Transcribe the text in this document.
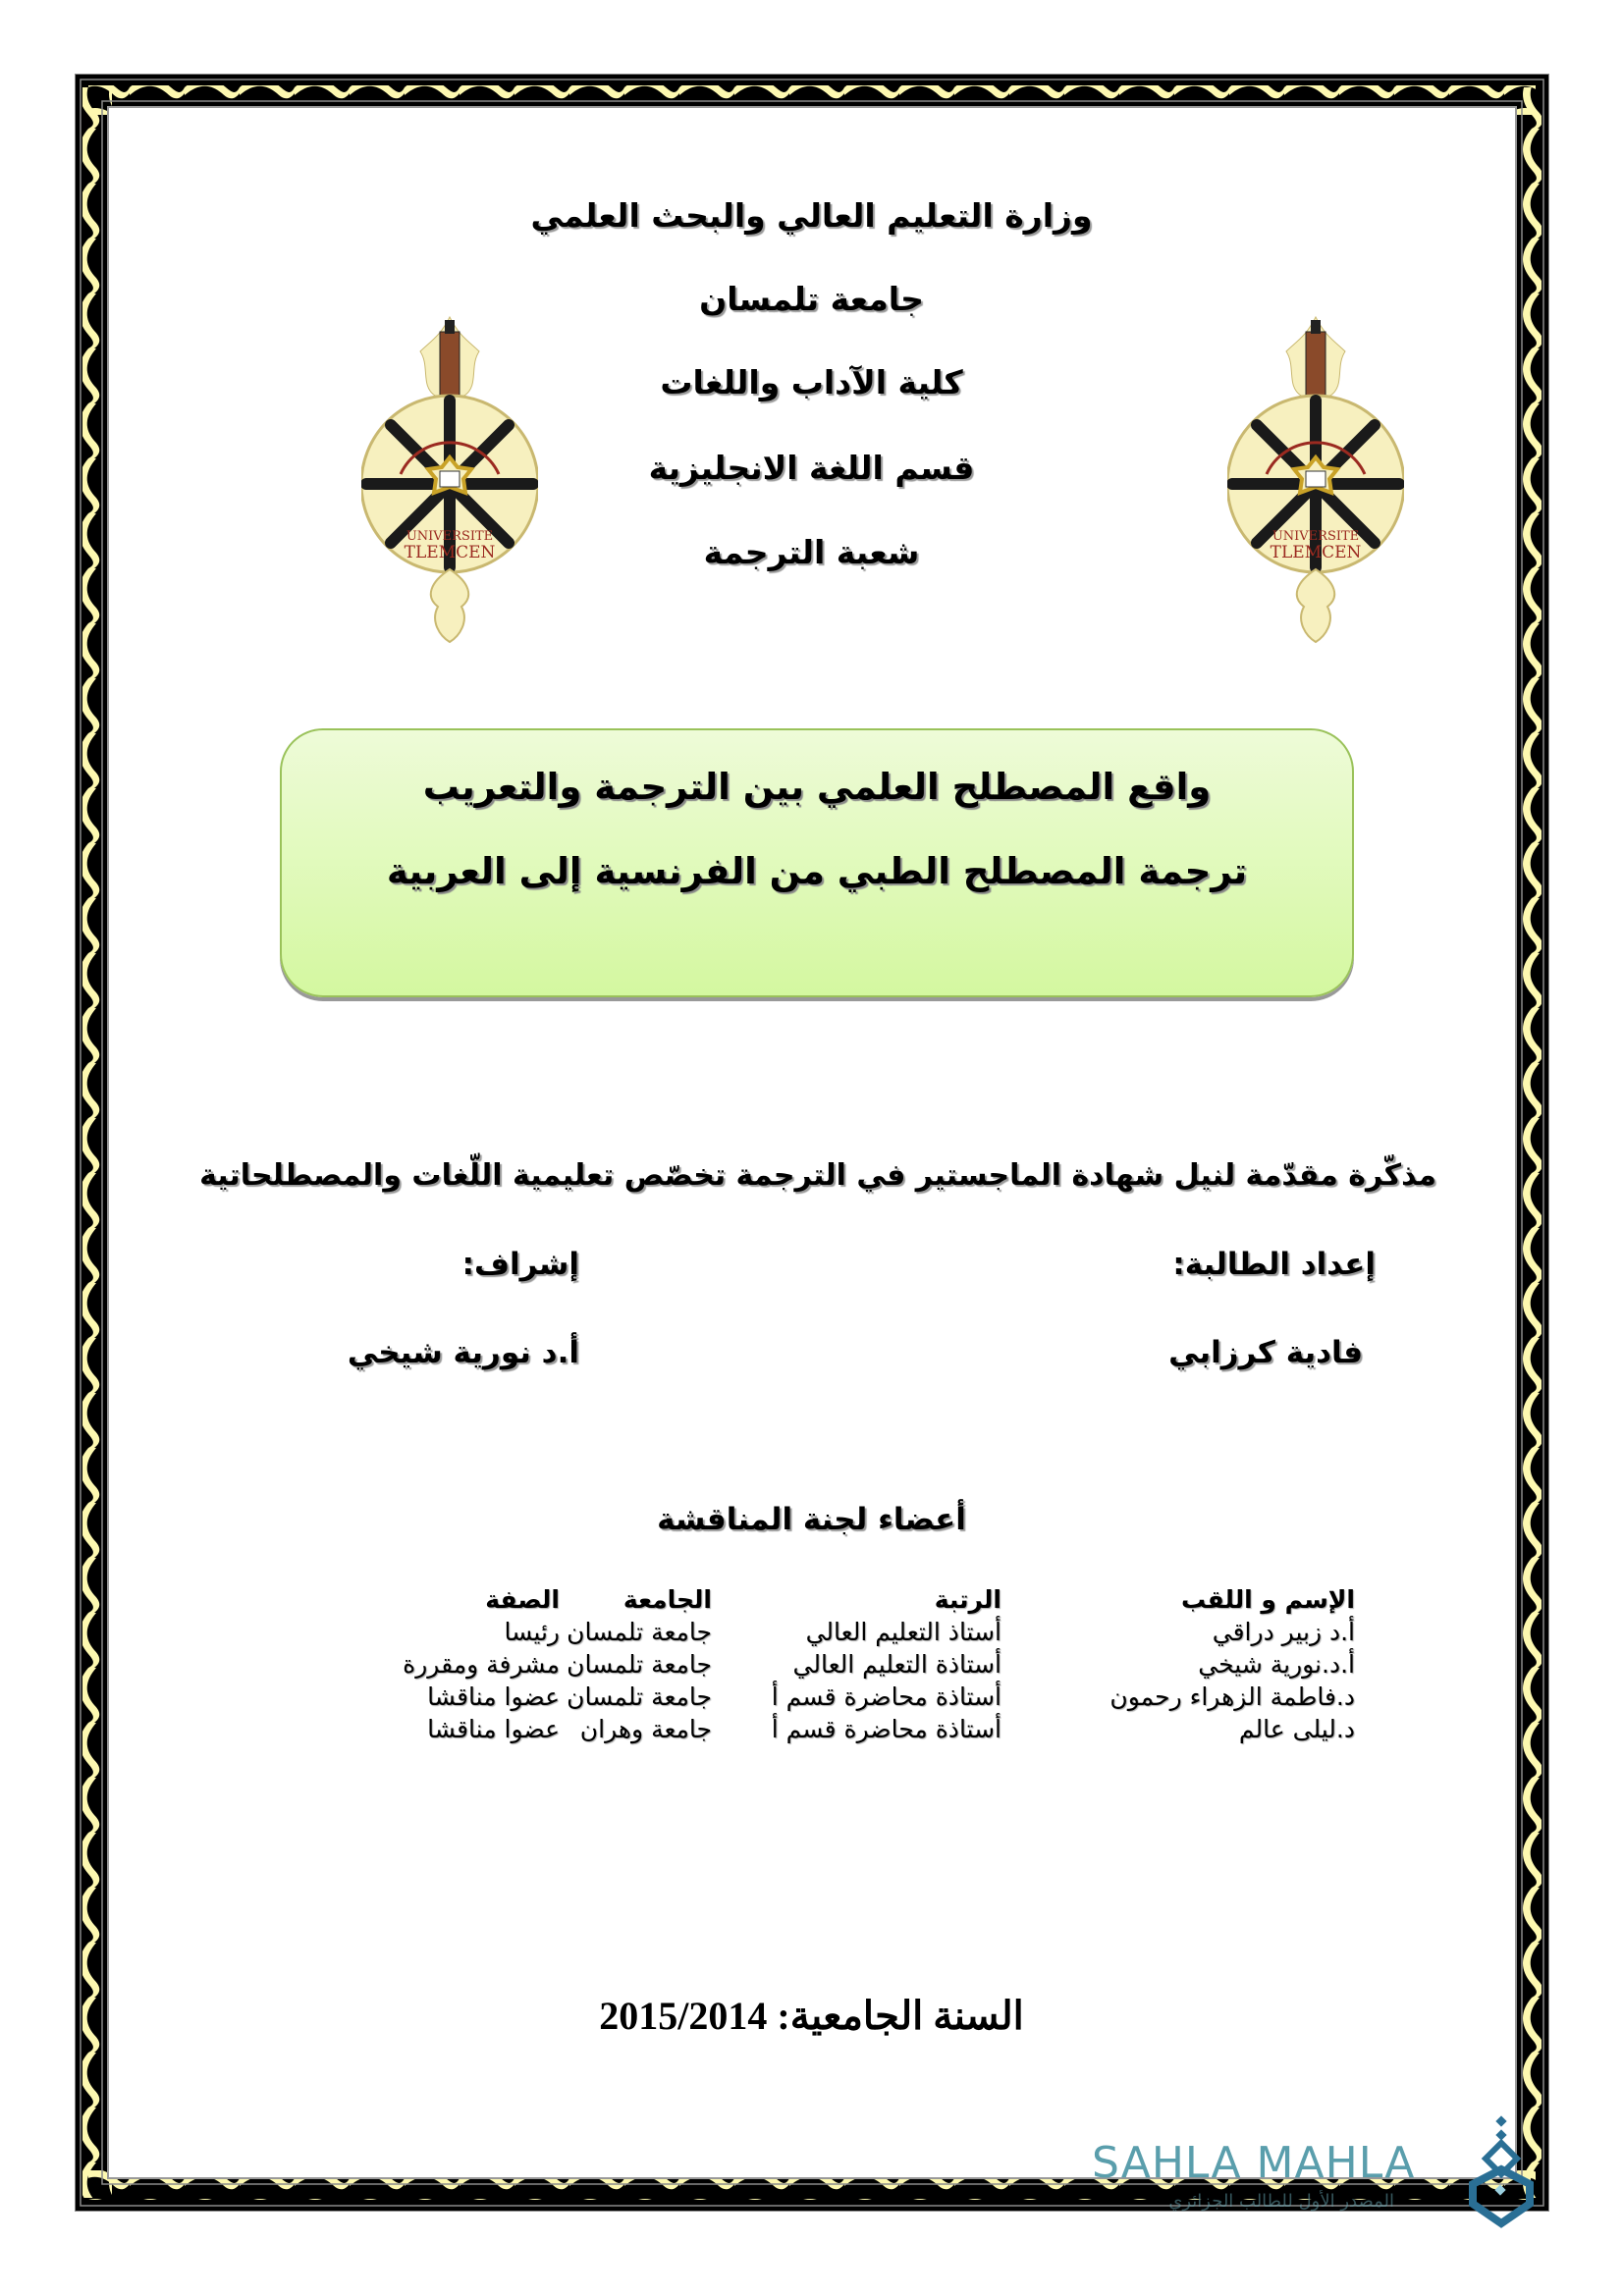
وزارة التعليم العالي والبحث العلمي
جامعة تلمسان
كلية الآداب واللغات
قسم اللغة الانجليزية
شعبة الترجمة
UNIVERSITE
TLEMCEN
UNIVERSITE
TLEMCEN
واقع المصطلح العلمي بين الترجمة والتعريب
ترجمة المصطلح الطبي من الفرنسية إلى العربية
مذكّرة مقدّمة لنيل شهادة الماجستير في الترجمة تخصّص تعليمية اللّغات والمصطلحاتية
إعداد الطالبة:
إشراف:
فادية كرزابي
أ.د نورية شيخي
أعضاء لجنة المناقشة
الإسم و اللقب
الرتبة
الجامعة
الصفة
أ.د زبير دراقي
أستاذ التعليم العالي
جامعة تلمسان
رئيسا
أ.د.نورية شيخي
أستاذة التعليم العالي
جامعة تلمسان
مشرفة ومقررة
د.فاطمة الزهراء رحمون
أستاذة محاضرة قسم أ
جامعة تلمسان
عضوا مناقشا
د.ليلى عالم
أستاذة محاضرة قسم أ
جامعة وهران
عضوا مناقشا
السنة الجامعية: 2015/2014
SAHLA MAHLA
المصدر الأول للطالب الجزائري
